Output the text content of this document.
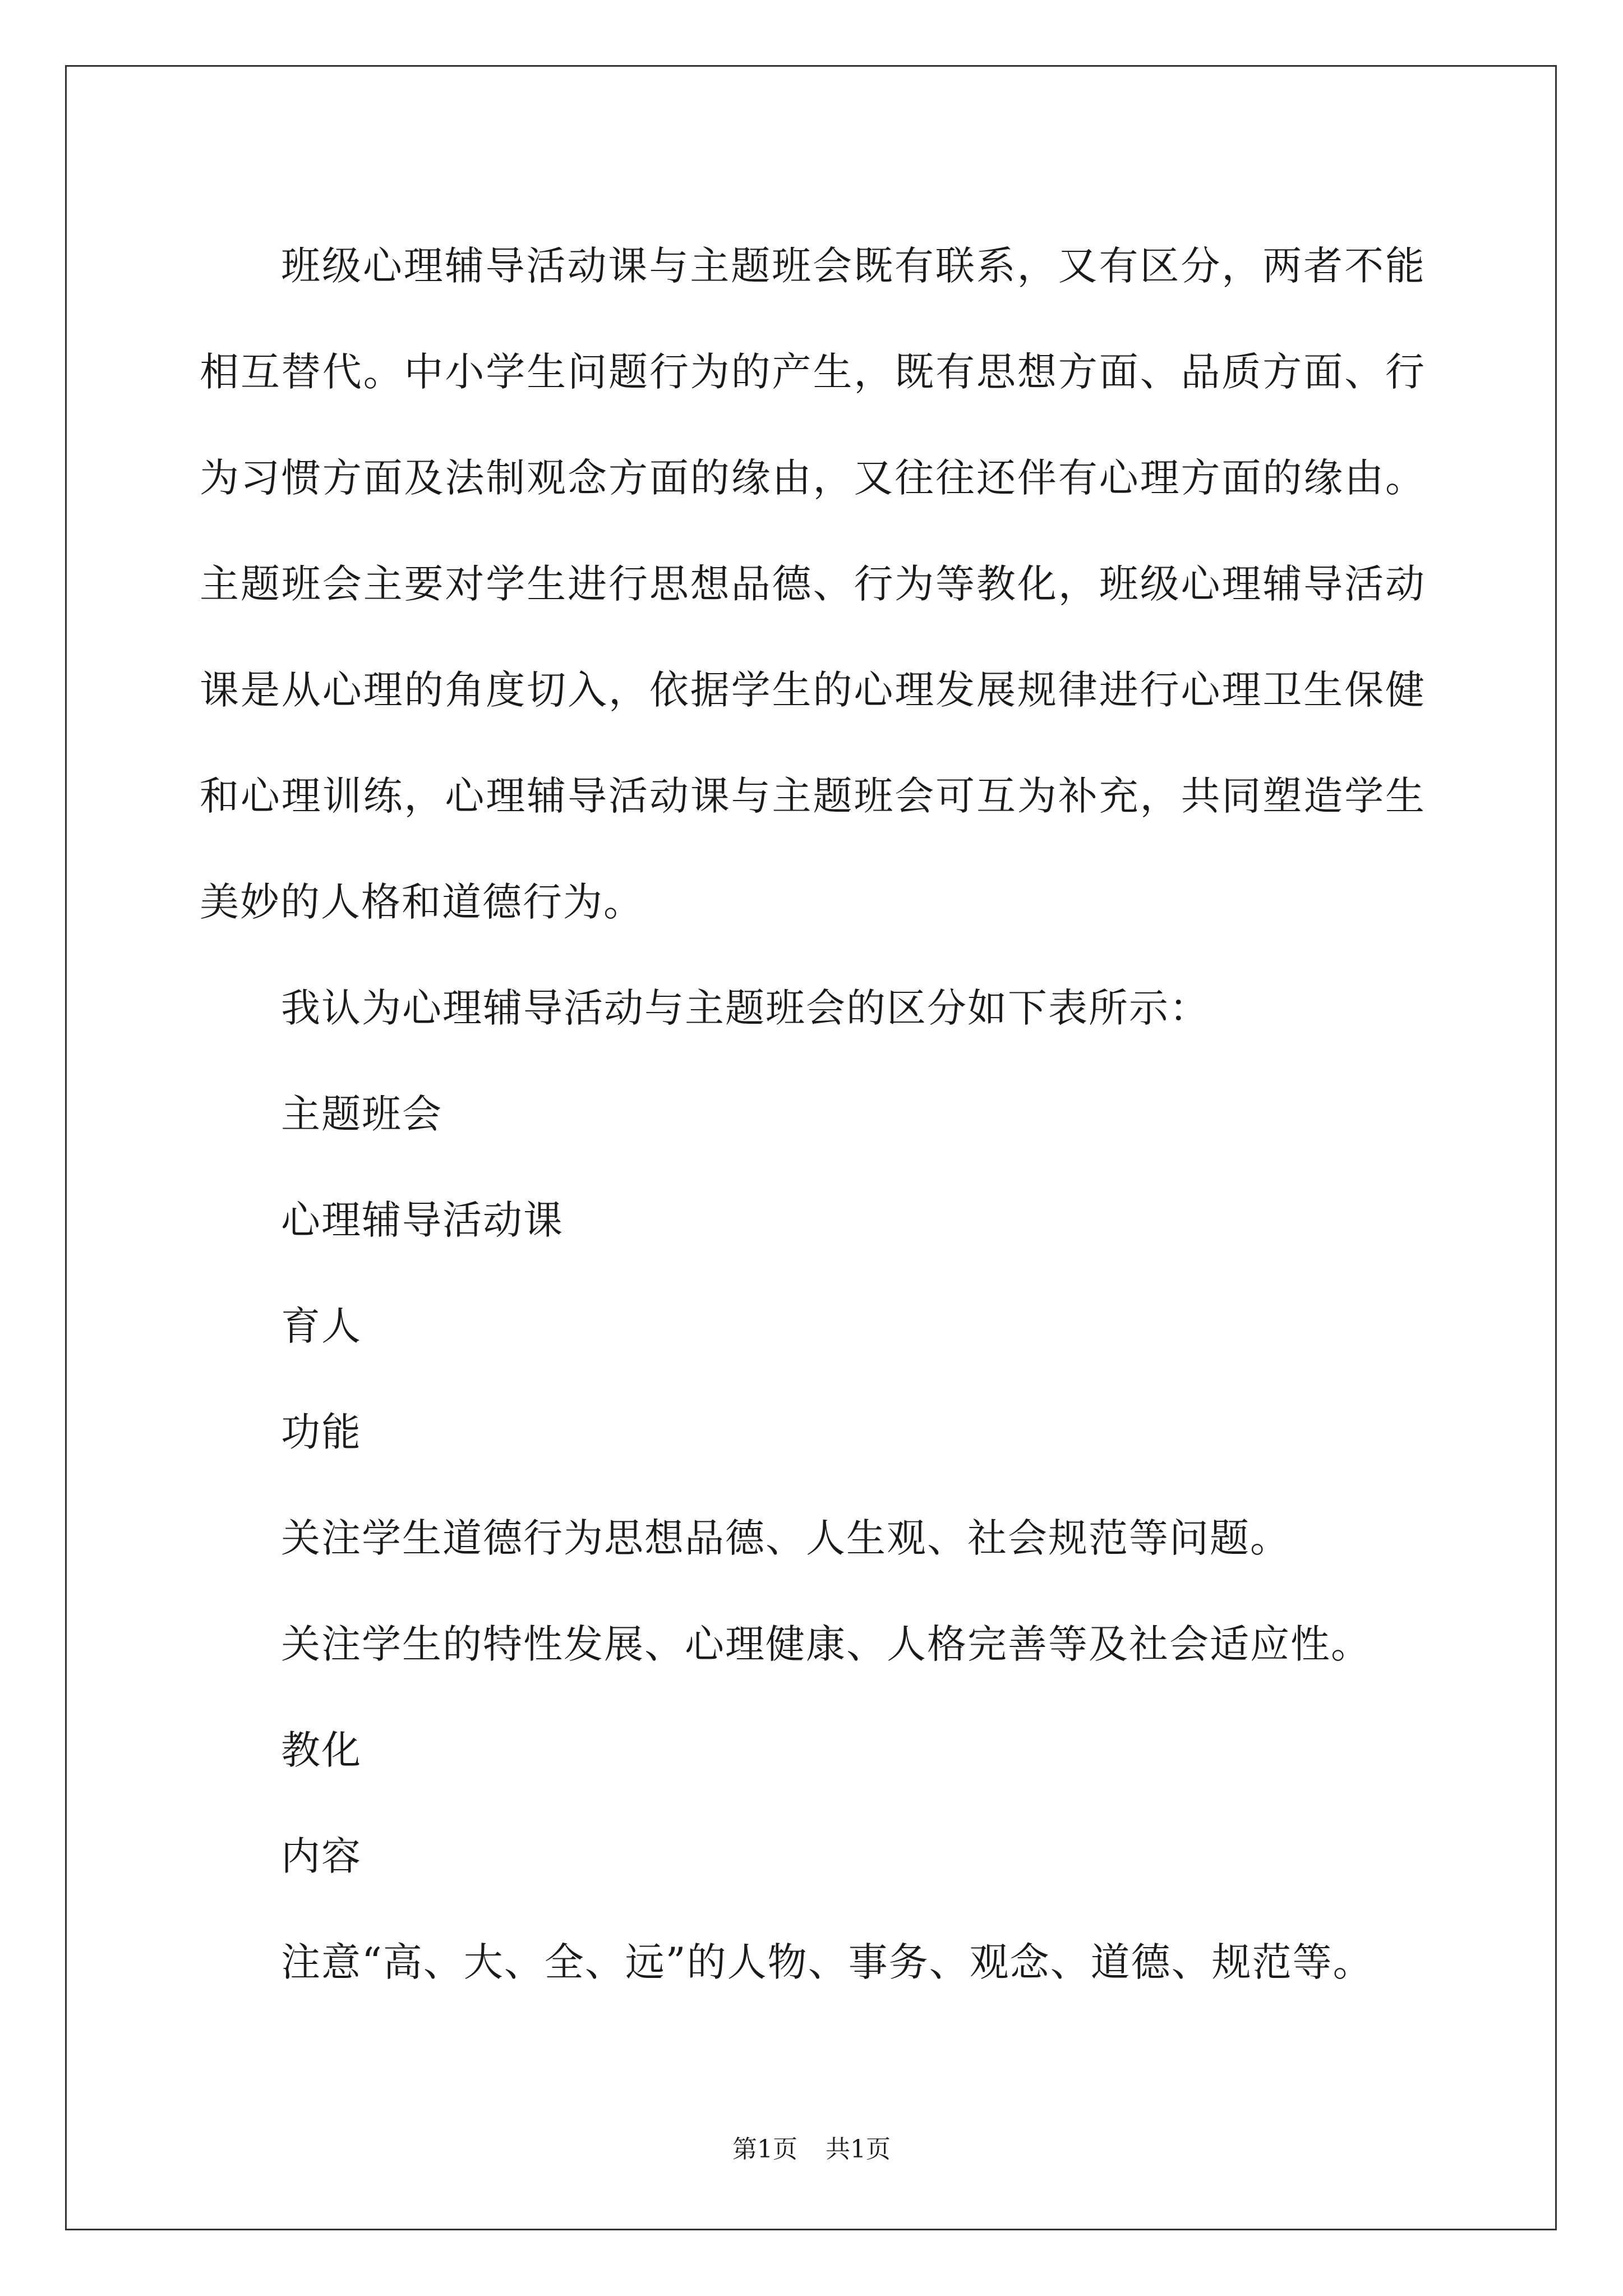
班级心理辅导活动课与主题班会既有联系，又有区分，两者不能相互替代。中小学生问题行为的产生，既有思想方面、品质方面、行为习惯方面及法制观念方面的缘由，又往往还伴有心理方面的缘由。主题班会主要对学生进行思想品德、行为等教化，班级心理辅导活动课是从心理的角度切入，依据学生的心理发展规律进行心理卫生保健和心理训练，心理辅导活动课与主题班会可互为补充，共同塑造学生美妙的人格和道德行为。

我认为心理辅导活动与主题班会的区分如下表所示：

主题班会

心理辅导活动课

育人

功能

关注学生道德行为思想品德、人生观、社会规范等问题。

关注学生的特性发展、心理健康、人格完善等及社会适应性。

教化

内容

注意“高、大、全、远”的人物、事务、观念、道德、规范等。

第1页 共1页
